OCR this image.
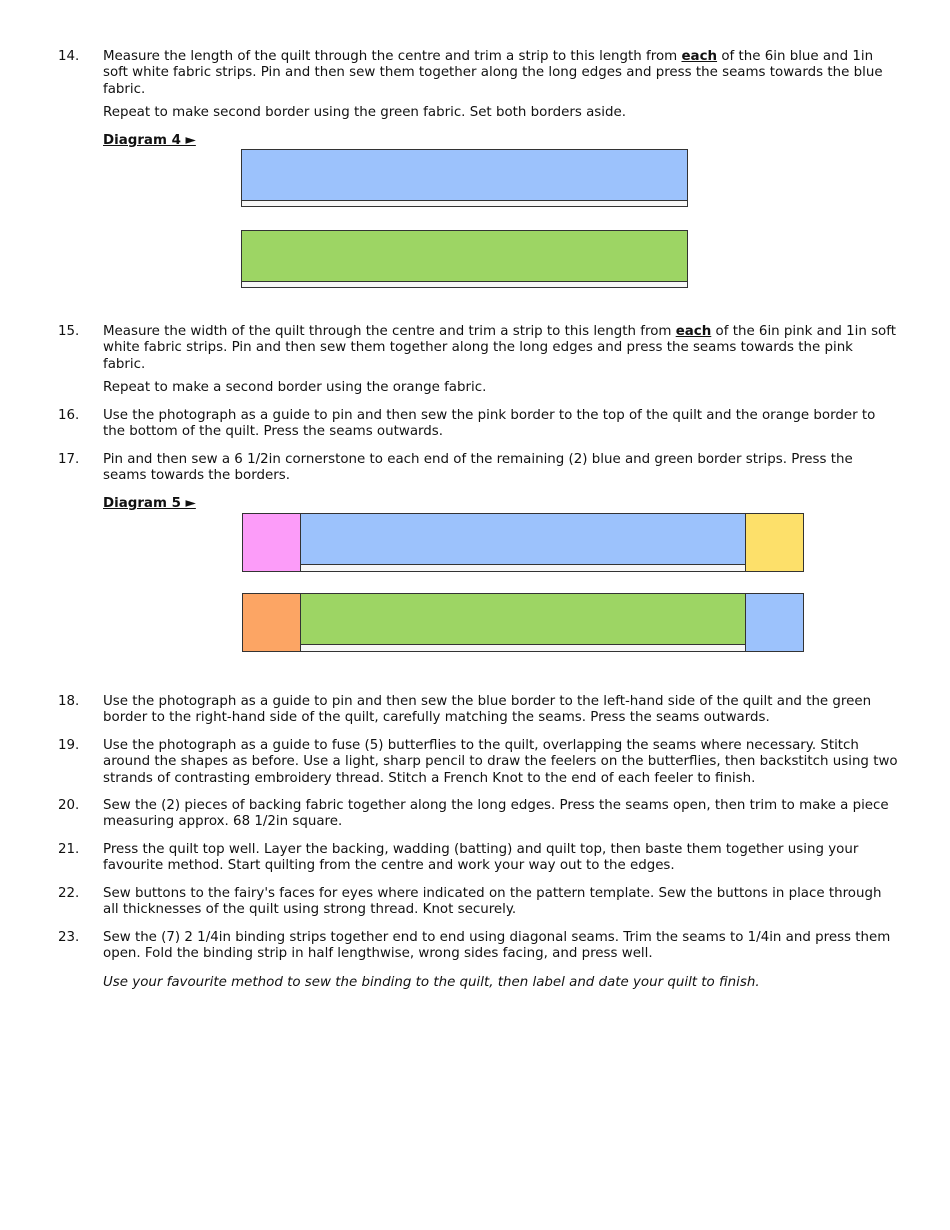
14. Measure the length of the quilt through the centre and trim a strip to this length from each of the 6in blue and 1in soft white fabric strips. Pin and then sew them together along the long edges and press the seams towards the blue fabric.

Repeat to make second border using the green fabric. Set both borders aside.

Diagram 4 ►
15. Measure the width of the quilt through the centre and trim a strip to this length from each of the 6in pink and 1in soft white fabric strips. Pin and then sew them together along the long edges and press the seams towards the pink fabric.

Repeat to make a second border using the orange fabric.

16. Use the photograph as a guide to pin and then sew the pink border to the top of the quilt and the orange border to the bottom of the quilt. Press the seams outwards.

17. Pin and then sew a 6 1/2in cornerstone to each end of the remaining (2) blue and green border strips. Press the seams towards the borders.

Diagram 5 ►
18. Use the photograph as a guide to pin and then sew the blue border to the left-hand side of the quilt and the green border to the right-hand side of the quilt, carefully matching the seams. Press the seams outwards.

19. Use the photograph as a guide to fuse (5) butterflies to the quilt, overlapping the seams where necessary. Stitch around the shapes as before. Use a light, sharp pencil to draw the feelers on the butterflies, then backstitch using two strands of contrasting embroidery thread. Stitch a French Knot to the end of each feeler to finish.

20. Sew the (2) pieces of backing fabric together along the long edges. Press the seams open, then trim to make a piece measuring approx. 68 1/2in square.

21. Press the quilt top well. Layer the backing, wadding (batting) and quilt top, then baste them together using your favourite method. Start quilting from the centre and work your way out to the edges.

22. Sew buttons to the fairy's faces for eyes where indicated on the pattern template. Sew the buttons in place through all thicknesses of the quilt using strong thread. Knot securely.

23. Sew the (7) 2 1/4in binding strips together end to end using diagonal seams. Trim the seams to 1/4in and press them open. Fold the binding strip in half lengthwise, wrong sides facing, and press well.

Use your favourite method to sew the binding to the quilt, then label and date your quilt to finish.
